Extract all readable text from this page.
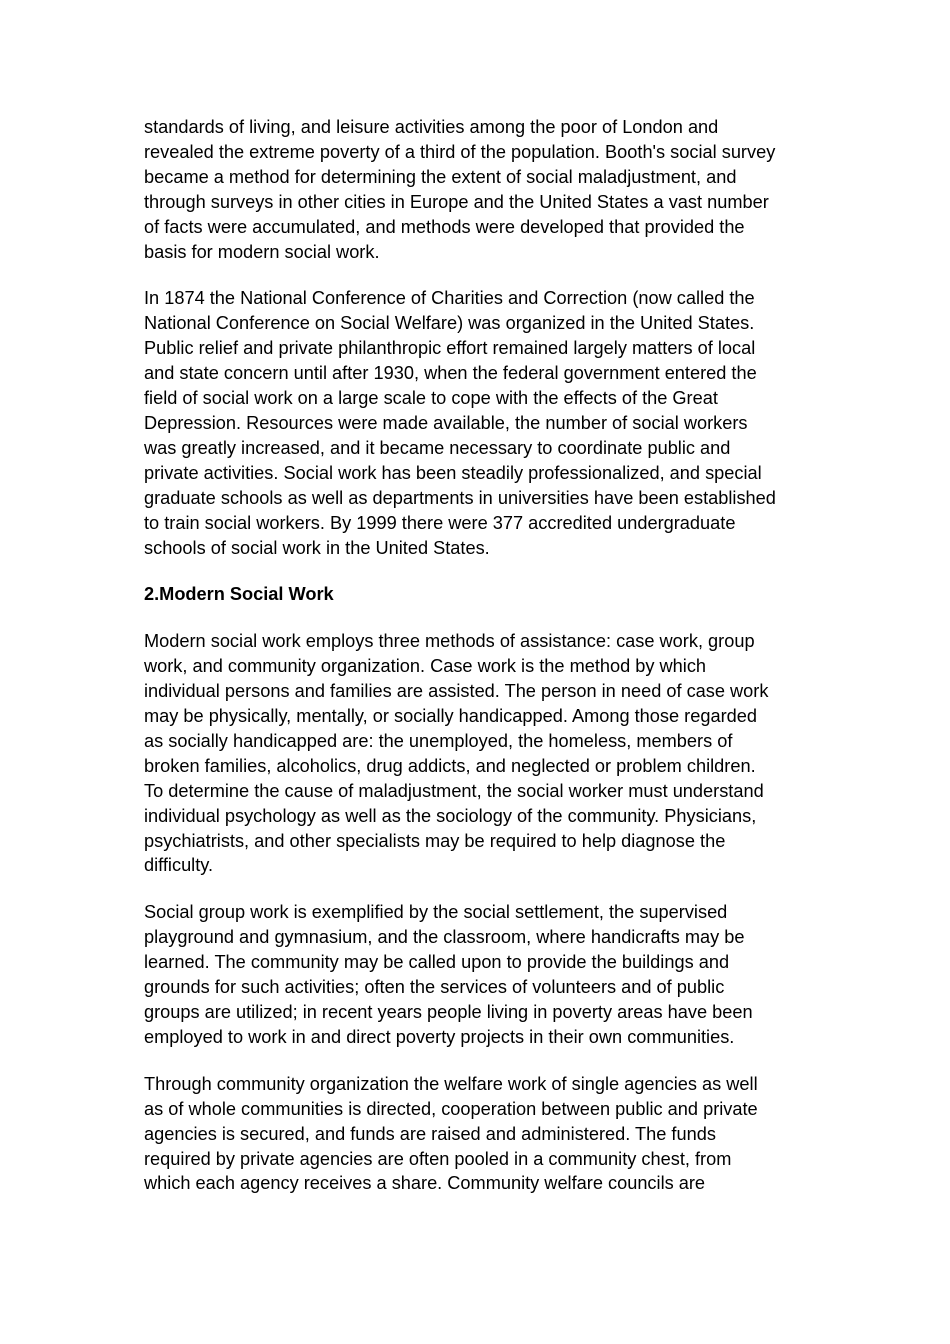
standards of living, and leisure activities among the poor of London and
revealed the extreme poverty of a third of the population. Booth's social survey
became a method for determining the extent of social maladjustment, and
through surveys in other cities in Europe and the United States a vast number
of facts were accumulated, and methods were developed that provided the
basis for modern social work.
In 1874 the National Conference of Charities and Correction (now called the
National Conference on Social Welfare) was organized in the United States.
Public relief and private philanthropic effort remained largely matters of local
and state concern until after 1930, when the federal government entered the
field of social work on a large scale to cope with the effects of the Great
Depression. Resources were made available, the number of social workers
was greatly increased, and it became necessary to coordinate public and
private activities. Social work has been steadily professionalized, and special
graduate schools as well as departments in universities have been established
to train social workers. By 1999 there were 377 accredited undergraduate
schools of social work in the United States.
2.Modern Social Work
Modern social work employs three methods of assistance: case work, group
work, and community organization. Case work is the method by which
individual persons and families are assisted. The person in need of case work
may be physically, mentally, or socially handicapped. Among those regarded
as socially handicapped are: the unemployed, the homeless, members of
broken families, alcoholics, drug addicts, and neglected or problem children.
To determine the cause of maladjustment, the social worker must understand
individual psychology as well as the sociology of the community. Physicians,
psychiatrists, and other specialists may be required to help diagnose the
difficulty.
Social group work is exemplified by the social settlement, the supervised
playground and gymnasium, and the classroom, where handicrafts may be
learned. The community may be called upon to provide the buildings and
grounds for such activities; often the services of volunteers and of public
groups are utilized; in recent years people living in poverty areas have been
employed to work in and direct poverty projects in their own communities.
Through community organization the welfare work of single agencies as well
as of whole communities is directed, cooperation between public and private
agencies is secured, and funds are raised and administered. The funds
required by private agencies are often pooled in a community chest, from
which each agency receives a share. Community welfare councils are
